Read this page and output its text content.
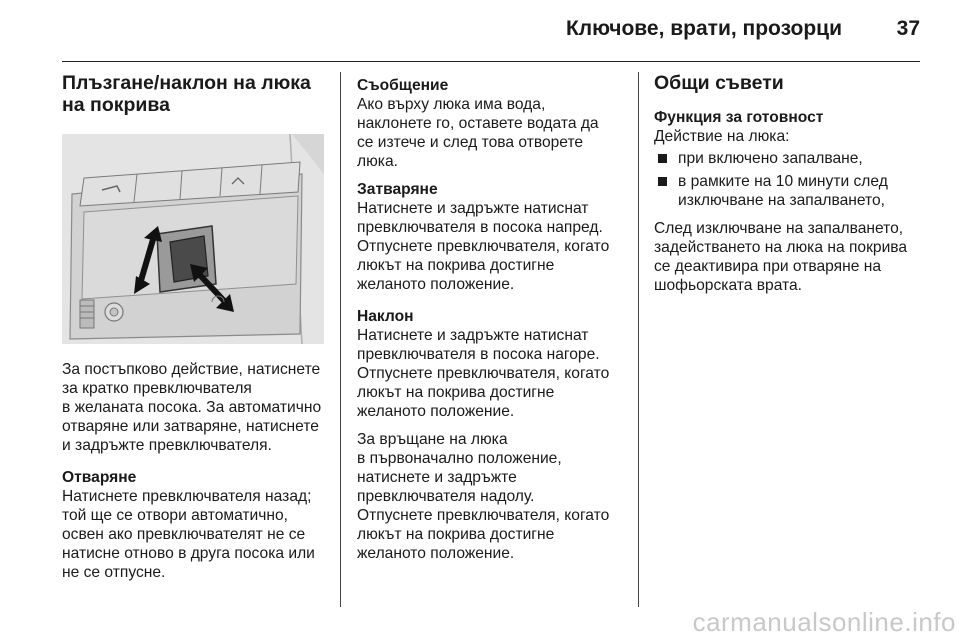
Ключове, врати, прозорци	37
Плъзгане/наклон на люка на покрива

За постъпково действие, натиснете
за кратко превключвателя
в желаната посока. За автоматично
отваряне или затваряне, натиснете
и задръжте превключвателя.

Отваряне

Натиснете превключвателя назад;
той ще се отвори автоматично,
освен ако превключвателят не се
натисне отново в друга посока или
не се отпусне.

Съобщение

Ако върху люка има вода,
наклонете го, оставете водата да
се изтече и след това отворете
люка.

Затваряне

Натиснете и задръжте натиснат
превключвателя в посока напред.
Отпуснете превключвателя, когато
люкът на покрива достигне
желаното положение.

Наклон

Натиснете и задръжте натиснат
превключвателя в посока нагоре.
Отпуснете превключвателя, когато
люкът на покрива достигне
желаното положение.

За връщане на люка
в първоначално положение,
натиснете и задръжте
превключвателя надолу.

Отпуснете превключвателя, когато
люкът на покрива достигне
желаното положение.

Общи съвети
Функция за готовност

Действие на люка:

при включено запалване,
в рамките на 10 минути след
изключване на запалването,

След изключване на запалването,
задействането на люка на покрива
се деактивира при отваряне на
шофьорската врата.

carmanualsonline.info
